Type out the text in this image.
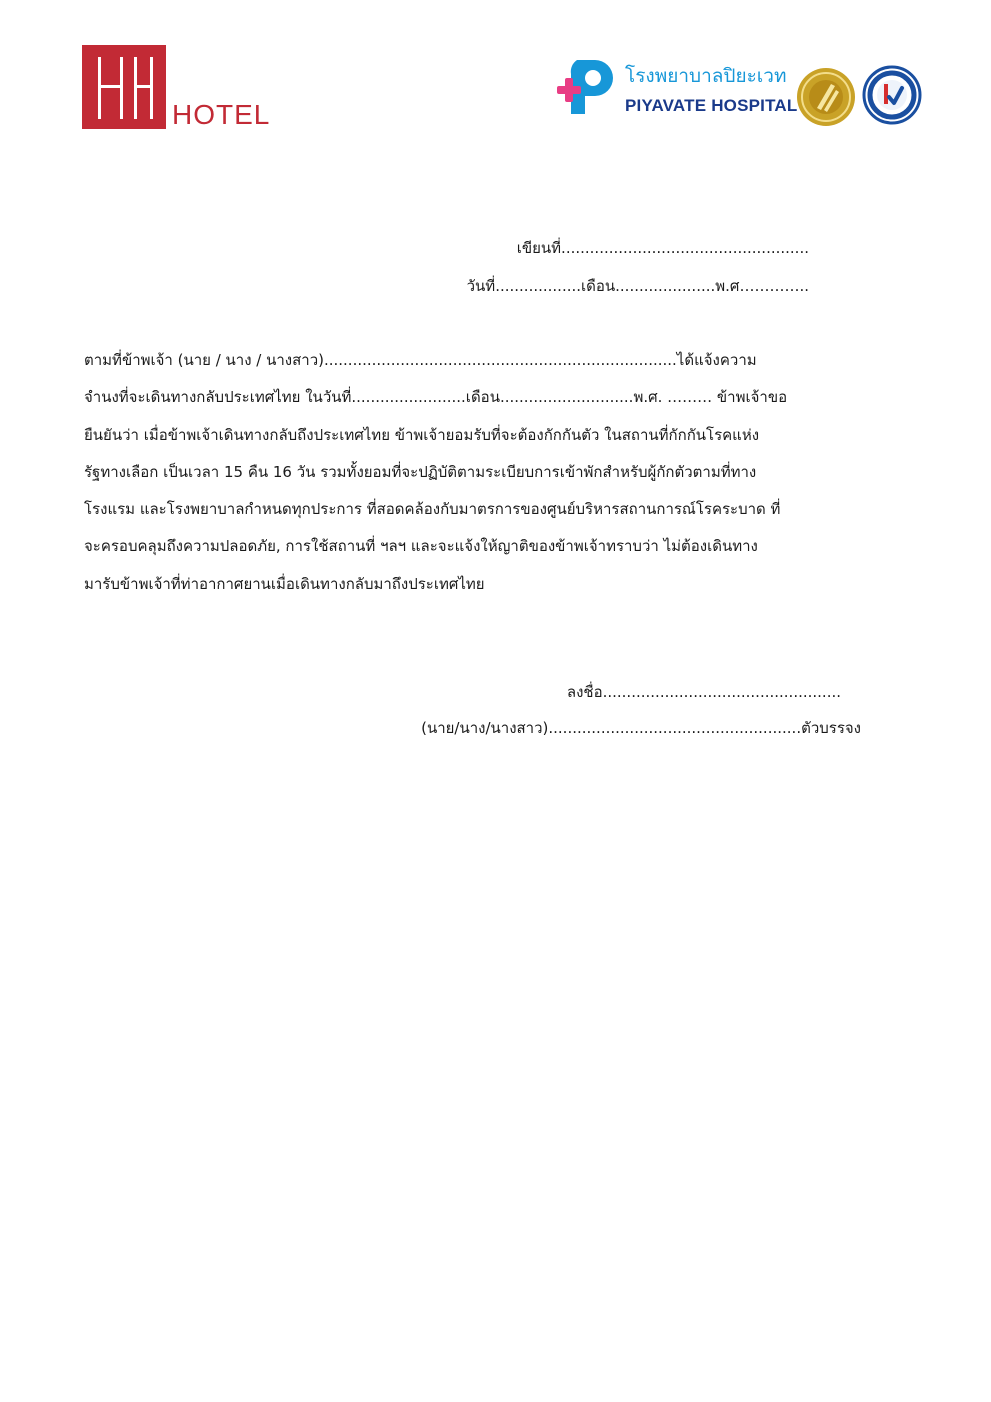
HOTEL
โรงพยาบาลปิยะเวท
PIYAVATE HOSPITAL
เขียนที่....................................................
วันที่..................เดือน.....................พ.ศ…………..
ตามที่ข้าพเจ้า (นาย / นาง / นางสาว)..........................................................................ได้แจ้งความ
จำนงที่จะเดินทางกลับประเทศไทย ในวันที่........................เดือน............................พ.ศ. ……… ข้าพเจ้าขอ
ยืนยันว่า เมื่อข้าพเจ้าเดินทางกลับถึงประเทศไทย ข้าพเจ้ายอมรับที่จะต้องกักกันตัว ในสถานที่กักกันโรคแห่ง
รัฐทางเลือก เป็นเวลา 15 คืน 16 วัน รวมทั้งยอมที่จะปฏิบัติตามระเบียบการเข้าพักสำหรับผู้กักตัวตามที่ทาง
โรงแรม และโรงพยาบาลกำหนดทุกประการ ที่สอดคล้องกับมาตรการของศูนย์บริหารสถานการณ์โรคระบาด ที่
จะครอบคลุมถึงความปลอดภัย, การใช้สถานที่ ฯลฯ และจะแจ้งให้ญาติของข้าพเจ้าทราบว่า ไม่ต้องเดินทาง
มารับข้าพเจ้าที่ท่าอากาศยานเมื่อเดินทางกลับมาถึงประเทศไทย
ลงชื่อ..................................................
(นาย/นาง/นางสาว).....................................................ตัวบรรจง
